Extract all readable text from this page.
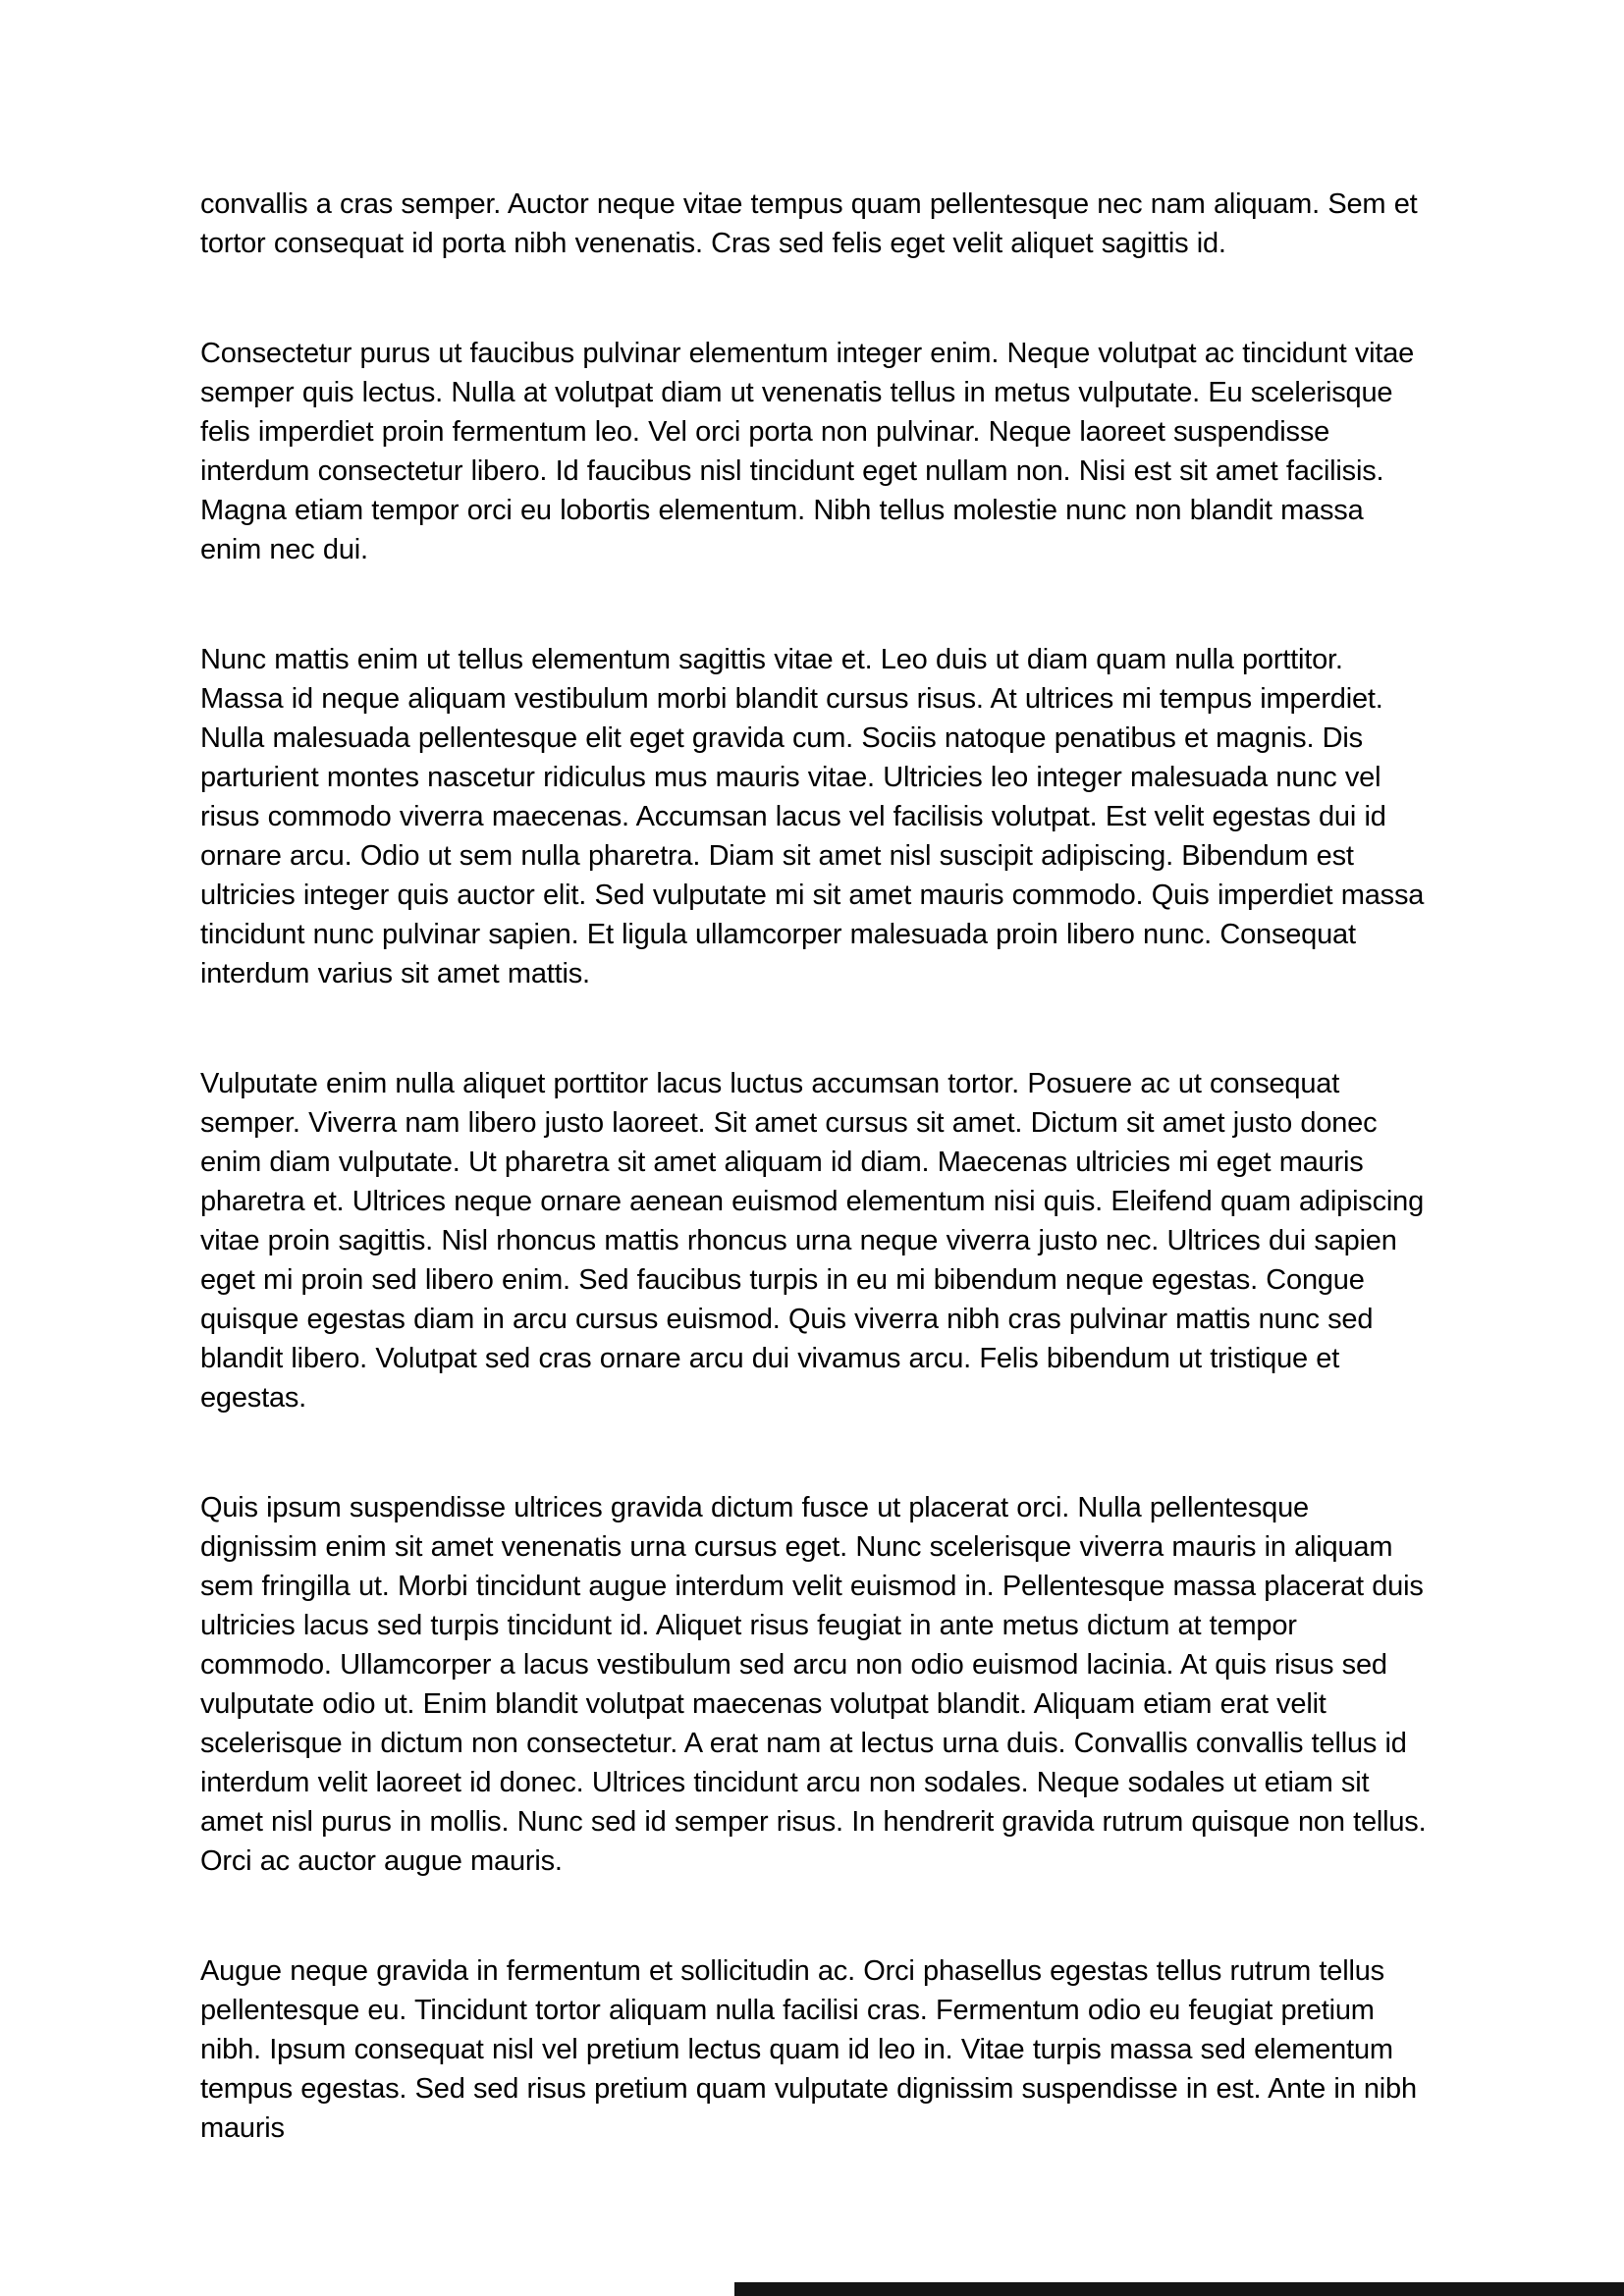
convallis a cras semper. Auctor neque vitae tempus quam pellentesque nec nam aliquam. Sem et tortor consequat id porta nibh venenatis. Cras sed felis eget velit aliquet sagittis id.

Consectetur purus ut faucibus pulvinar elementum integer enim. Neque volutpat ac tincidunt vitae semper quis lectus. Nulla at volutpat diam ut venenatis tellus in metus vulputate. Eu scelerisque felis imperdiet proin fermentum leo. Vel orci porta non pulvinar. Neque laoreet suspendisse interdum consectetur libero. Id faucibus nisl tincidunt eget nullam non. Nisi est sit amet facilisis. Magna etiam tempor orci eu lobortis elementum. Nibh tellus molestie nunc non blandit massa enim nec dui.

Nunc mattis enim ut tellus elementum sagittis vitae et. Leo duis ut diam quam nulla porttitor. Massa id neque aliquam vestibulum morbi blandit cursus risus. At ultrices mi tempus imperdiet. Nulla malesuada pellentesque elit eget gravida cum. Sociis natoque penatibus et magnis. Dis parturient montes nascetur ridiculus mus mauris vitae. Ultricies leo integer malesuada nunc vel risus commodo viverra maecenas. Accumsan lacus vel facilisis volutpat. Est velit egestas dui id ornare arcu. Odio ut sem nulla pharetra. Diam sit amet nisl suscipit adipiscing. Bibendum est ultricies integer quis auctor elit. Sed vulputate mi sit amet mauris commodo. Quis imperdiet massa tincidunt nunc pulvinar sapien. Et ligula ullamcorper malesuada proin libero nunc. Consequat interdum varius sit amet mattis.

Vulputate enim nulla aliquet porttitor lacus luctus accumsan tortor. Posuere ac ut consequat semper. Viverra nam libero justo laoreet. Sit amet cursus sit amet. Dictum sit amet justo donec enim diam vulputate. Ut pharetra sit amet aliquam id diam. Maecenas ultricies mi eget mauris pharetra et. Ultrices neque ornare aenean euismod elementum nisi quis. Eleifend quam adipiscing vitae proin sagittis. Nisl rhoncus mattis rhoncus urna neque viverra justo nec. Ultrices dui sapien eget mi proin sed libero enim. Sed faucibus turpis in eu mi bibendum neque egestas. Congue quisque egestas diam in arcu cursus euismod. Quis viverra nibh cras pulvinar mattis nunc sed blandit libero. Volutpat sed cras ornare arcu dui vivamus arcu. Felis bibendum ut tristique et egestas.

Quis ipsum suspendisse ultrices gravida dictum fusce ut placerat orci. Nulla pellentesque dignissim enim sit amet venenatis urna cursus eget. Nunc scelerisque viverra mauris in aliquam sem fringilla ut. Morbi tincidunt augue interdum velit euismod in. Pellentesque massa placerat duis ultricies lacus sed turpis tincidunt id. Aliquet risus feugiat in ante metus dictum at tempor commodo. Ullamcorper a lacus vestibulum sed arcu non odio euismod lacinia. At quis risus sed vulputate odio ut. Enim blandit volutpat maecenas volutpat blandit. Aliquam etiam erat velit scelerisque in dictum non consectetur. A erat nam at lectus urna duis. Convallis convallis tellus id interdum velit laoreet id donec. Ultrices tincidunt arcu non sodales. Neque sodales ut etiam sit amet nisl purus in mollis. Nunc sed id semper risus. In hendrerit gravida rutrum quisque non tellus. Orci ac auctor augue mauris.

Augue neque gravida in fermentum et sollicitudin ac. Orci phasellus egestas tellus rutrum tellus pellentesque eu. Tincidunt tortor aliquam nulla facilisi cras. Fermentum odio eu feugiat pretium nibh. Ipsum consequat nisl vel pretium lectus quam id leo in. Vitae turpis massa sed elementum tempus egestas. Sed sed risus pretium quam vulputate dignissim suspendisse in est. Ante in nibh mauris
